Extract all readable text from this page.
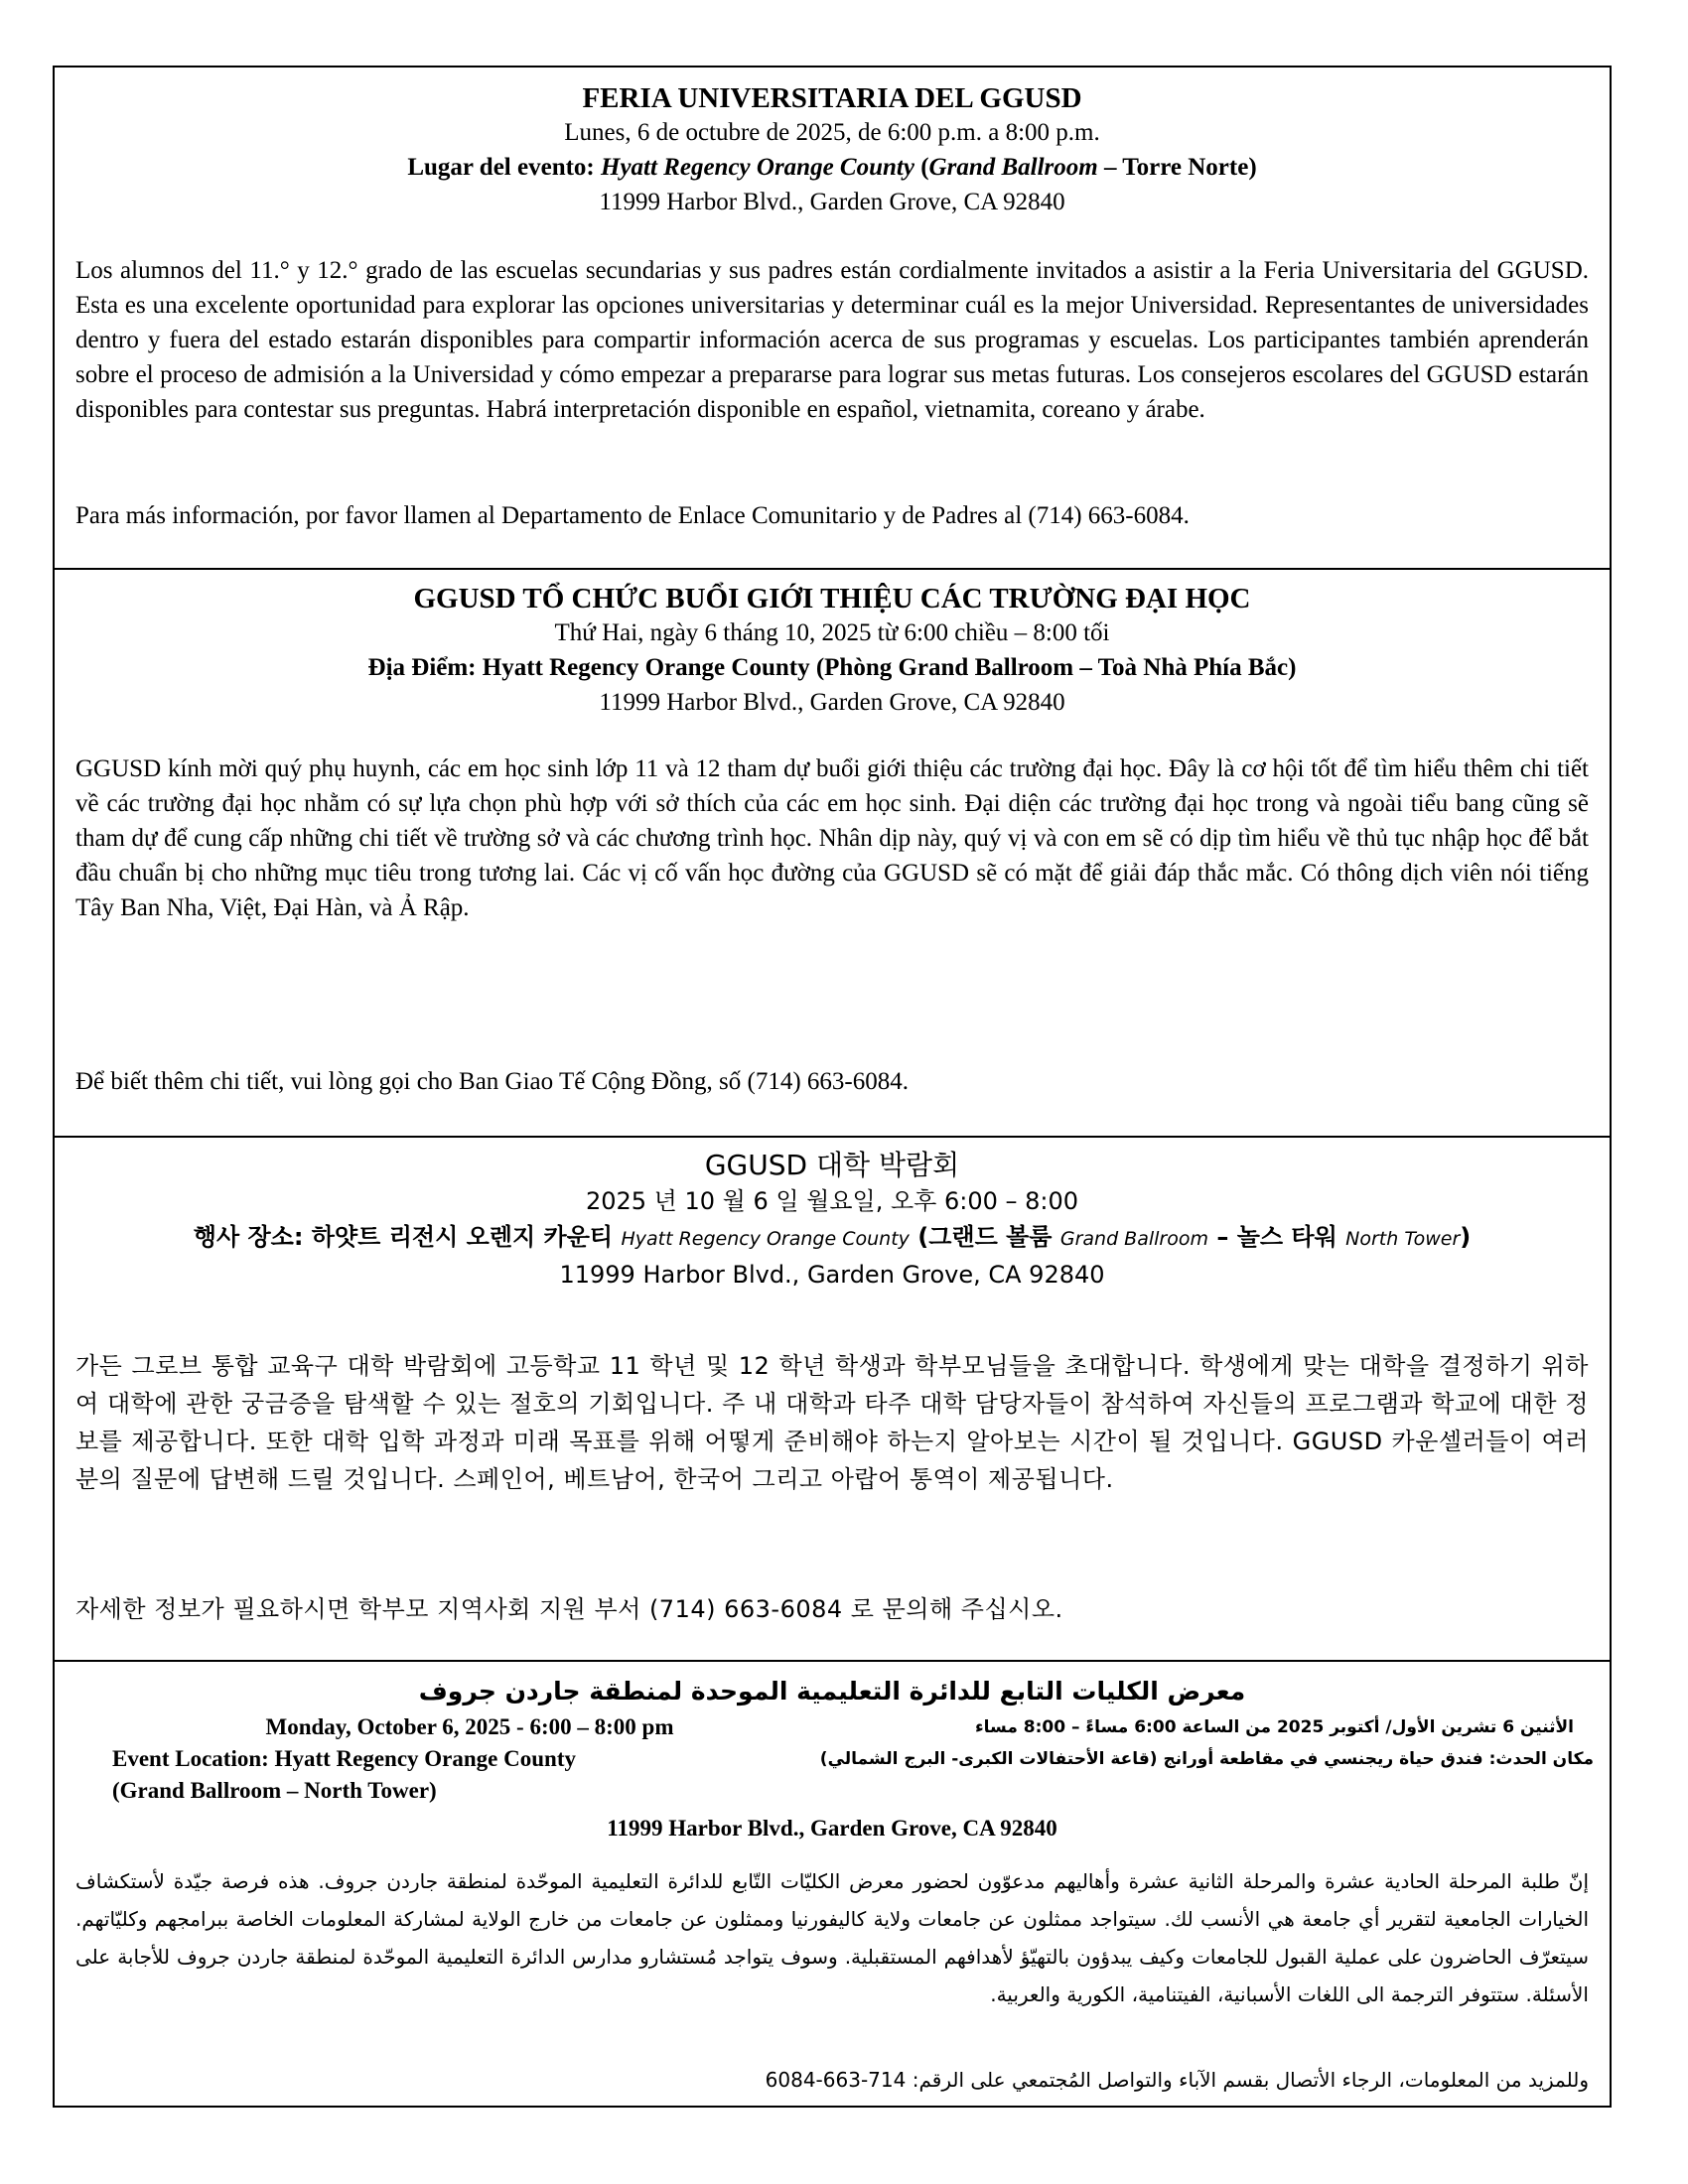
FERIA UNIVERSITARIA DEL GGUSD
Lunes, 6 de octubre de 2025, de 6:00 p.m. a 8:00 p.m.
Lugar del evento: Hyatt Regency Orange County (Grand Ballroom – Torre Norte)
11999 Harbor Blvd., Garden Grove, CA 92840

Los alumnos del 11.° y 12.° grado de las escuelas secundarias y sus padres están cordialmente invitados a asistir a la Feria Universitaria del GGUSD. Esta es una excelente oportunidad para explorar las opciones universitarias y determinar cuál es la mejor Universidad. Representantes de universidades dentro y fuera del estado estarán disponibles para compartir información acerca de sus programas y escuelas. Los participantes también aprenderán sobre el proceso de admisión a la Universidad y cómo empezar a prepararse para lograr sus metas futuras. Los consejeros escolares del GGUSD estarán disponibles para contestar sus preguntas. Habrá interpretación disponible en español, vietnamita, coreano y árabe.

Para más información, por favor llamen al Departamento de Enlace Comunitario y de Padres al (714) 663-6084.

GGUSD TỔ CHỨC BUỔI GIỚI THIỆU CÁC TRƯỜNG ĐẠI HỌC
Thứ Hai, ngày 6 tháng 10, 2025 từ 6:00 chiều – 8:00 tối
Địa Điểm: Hyatt Regency Orange County (Phòng Grand Ballroom – Toà Nhà Phía Bắc)
11999 Harbor Blvd., Garden Grove, CA 92840

GGUSD kính mời quý phụ huynh, các em học sinh lớp 11 và 12 tham dự buổi giới thiệu các trường đại học. Đây là cơ hội tốt để tìm hiểu thêm chi tiết về các trường đại học nhằm có sự lựa chọn phù hợp với sở thích của các em học sinh. Đại diện các trường đại học trong và ngoài tiểu bang cũng sẽ tham dự để cung cấp những chi tiết về trường sở và các chương trình học. Nhân dịp này, quý vị và con em sẽ có dịp tìm hiểu về thủ tục nhập học để bắt đầu chuẩn bị cho những mục tiêu trong tương lai. Các vị cố vấn học đường của GGUSD sẽ có mặt để giải đáp thắc mắc. Có thông dịch viên nói tiếng Tây Ban Nha, Việt, Đại Hàn, và Ả Rập.

Để biết thêm chi tiết, vui lòng gọi cho Ban Giao Tế Cộng Đồng, số (714) 663-6084.

GGUSD 대학 박람회
2025 년 10 월 6 일 월요일, 오후 6:00 – 8:00
행사 장소: 하얏트 리전시 오렌지 카운티 Hyatt Regency Orange County (그랜드 볼룸 Grand Ballroom – 놀스 타워 North Tower)
11999 Harbor Blvd., Garden Grove, CA 92840

가든 그로브 통합 교육구 대학 박람회에 고등학교 11 학년 및 12 학년 학생과 학부모님들을 초대합니다. 학생에게 맞는 대학을 결정하기 위하여 대학에 관한 궁금증을 탐색할 수 있는 절호의 기회입니다. 주 내 대학과 타주 대학 담당자들이 참석하여 자신들의 프로그램과 학교에 대한 정보를 제공합니다. 또한 대학 입학 과정과 미래 목표를 위해 어떻게 준비해야 하는지 알아보는 시간이 될 것입니다. GGUSD 카운셀러들이 여러분의 질문에 답변해 드릴 것입니다. 스페인어, 베트남어, 한국어 그리고 아랍어 통역이 제공됩니다.

자세한 정보가 필요하시면 학부모 지역사회 지원 부서 (714) 663-6084 로 문의해 주십시오.

معرض الكليات التابع للدائرة التعليمية الموحدة لمنطقة جاردن جروف
Monday, October 6, 2025 - 6:00 – 8:00 pm
Event Location: Hyatt Regency Orange County
(Grand Ballroom – North Tower)
الأثنين 6 تشرين الأول/ أكتوبر 2025 من الساعة 6:00 مساءً – 8:00 مساء
مكان الحدث: فندق حياة ريجنسي في مقاطعة أورانج (قاعة الأحتفالات الكبرى- البرج الشمالي)
11999 Harbor Blvd., Garden Grove, CA 92840

إنّ طلبة المرحلة الحادية عشرة والمرحلة الثانية عشرة وأهاليهم مدعوّون لحضور معرض الكليّات التّابع للدائرة التعليمية الموحّدة لمنطقة جاردن جروف. هذه فرصة جيّدة لأستكشاف الخيارات الجامعية لتقرير أي جامعة هي الأنسب لك. سيتواجد ممثلون عن جامعات ولاية كاليفورنيا وممثلون عن جامعات من خارج الولاية لمشاركة المعلومات الخاصة ببرامجهم وكليّاتهم. سيتعرّف الحاضرون على عملية القبول للجامعات وكيف يبدؤون بالتهيّؤ لأهدافهم المستقبلية. وسوف يتواجد مُستشارو مدارس الدائرة التعليمية الموحّدة لمنطقة جاردن جروف للأجابة على الأسئلة. ستتوفر الترجمة الى اللغات الأسبانية، الفيتنامية، الكورية والعربية.

وللمزيد من المعلومات، الرجاء الأتصال بقسم الآباء والتواصل المُجتمعي على الرقم: 714-663-6084
